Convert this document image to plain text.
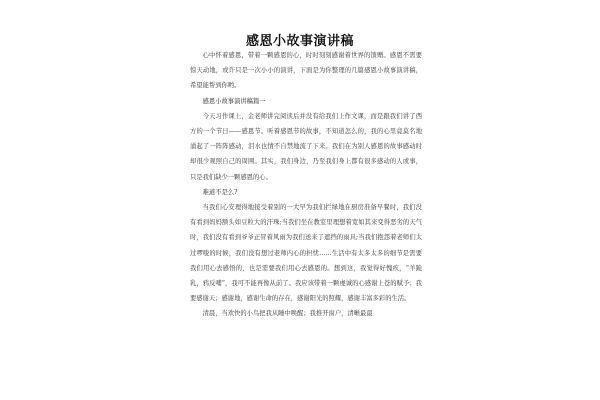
感恩小故事演讲稿

心中怀着感恩，带着一颗感恩的心，时时刻刻感谢着世界的馈赠。感恩不需要惊天动地，或许只是一次小小的演讲，下面是为你整理的几篇感恩小故事演讲稿，希望能帮到你哟。

感恩小故事演讲稿篇一

今天习作课上，金老师讲完阅读后并没有给我们上作文课，而是跟我们讲了西方的一个节日——感恩节。听着感恩节的故事，不知道怎么的，我的心里竟莫名地涌起了一阵阵感动，泪水也情不自禁地流了下来。我们在为别人感恩的故事感动时却很少观照自己的周围。其实，我们身边，乃至我们身上都有很多感动的人或事，只是我们缺少一颗感恩的心。

难道不是么?

当我们心安理得地接受着别的一大早为我们拦绿地在厨房准备早餐时，我们没有看到妈妈额头如豆粒大的汗珠;当我们坐在教室里理想着宽如其来变得恶劣的天气时，我们没有看到爷爷正冒着风雨为我们送来了遮挡的雨具;当我们抱怨着老师们太过啰唆的时候，我们没有想过老师内心的担忧……生活中有太多太多的细节是需要我们用心去感悟的，也是需要我们用心去感恩的。想到这，我觉得好愧疚，“羊跪乳，鸦反哺”，我可不能再像从前了。我应该带着一颗虔诚的心感谢上苍的赋予；我要感谢天；感谢地，感谢生命的存在，感谢阳光的照耀，感谢丰富多彩的生活。

清晨，当欢快的小鸟把我从睡中唤醒；我推开窗户，清晰最最
